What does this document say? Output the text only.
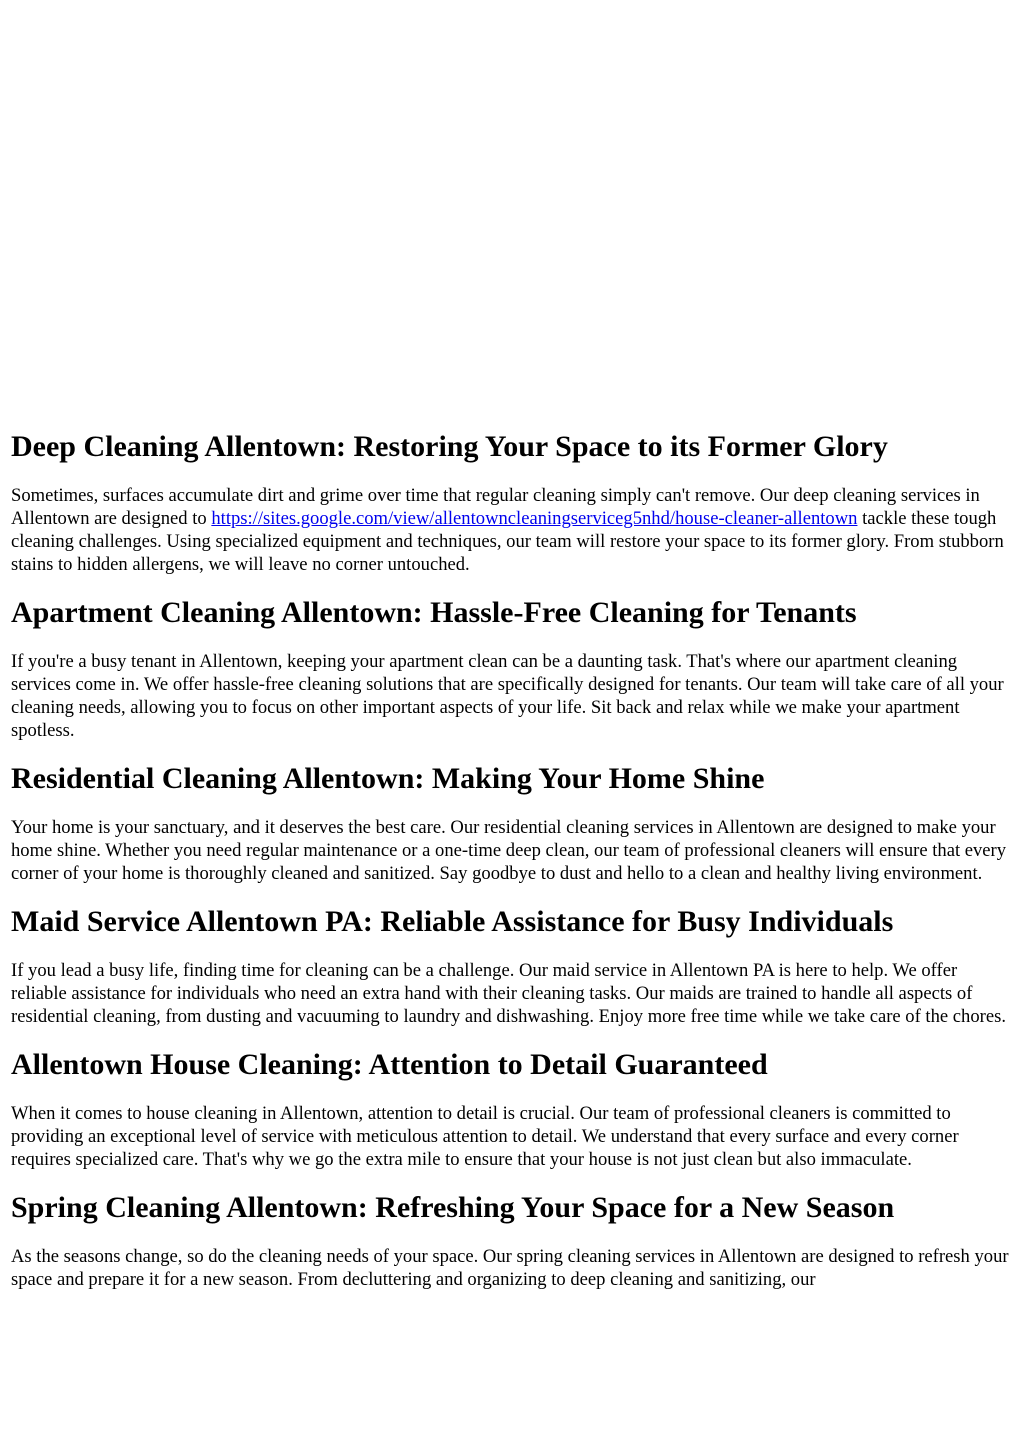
Deep Cleaning Allentown: Restoring Your Space to its Former Glory

Sometimes, surfaces accumulate dirt and grime over time that regular cleaning simply can't remove. Our deep cleaning services in Allentown are designed to https://sites.google.com/view/allentowncleaningserviceg5nhd/house-cleaner-allentown tackle these tough cleaning challenges. Using specialized equipment and techniques, our team will restore your space to its former glory. From stubborn stains to hidden allergens, we will leave no corner untouched.

Apartment Cleaning Allentown: Hassle-Free Cleaning for Tenants

If you're a busy tenant in Allentown, keeping your apartment clean can be a daunting task. That's where our apartment cleaning services come in. We offer hassle-free cleaning solutions that are specifically designed for tenants. Our team will take care of all your cleaning needs, allowing you to focus on other important aspects of your life. Sit back and relax while we make your apartment spotless.

Residential Cleaning Allentown: Making Your Home Shine

Your home is your sanctuary, and it deserves the best care. Our residential cleaning services in Allentown are designed to make your home shine. Whether you need regular maintenance or a one-time deep clean, our team of professional cleaners will ensure that every corner of your home is thoroughly cleaned and sanitized. Say goodbye to dust and hello to a clean and healthy living environment.

Maid Service Allentown PA: Reliable Assistance for Busy Individuals

If you lead a busy life, finding time for cleaning can be a challenge. Our maid service in Allentown PA is here to help. We offer reliable assistance for individuals who need an extra hand with their cleaning tasks. Our maids are trained to handle all aspects of residential cleaning, from dusting and vacuuming to laundry and dishwashing. Enjoy more free time while we take care of the chores.

Allentown House Cleaning: Attention to Detail Guaranteed

When it comes to house cleaning in Allentown, attention to detail is crucial. Our team of professional cleaners is committed to providing an exceptional level of service with meticulous attention to detail. We understand that every surface and every corner requires specialized care. That's why we go the extra mile to ensure that your house is not just clean but also immaculate.

Spring Cleaning Allentown: Refreshing Your Space for a New Season

As the seasons change, so do the cleaning needs of your space. Our spring cleaning services in Allentown are designed to refresh your space and prepare it for a new season. From decluttering and organizing to deep cleaning and sanitizing, our
